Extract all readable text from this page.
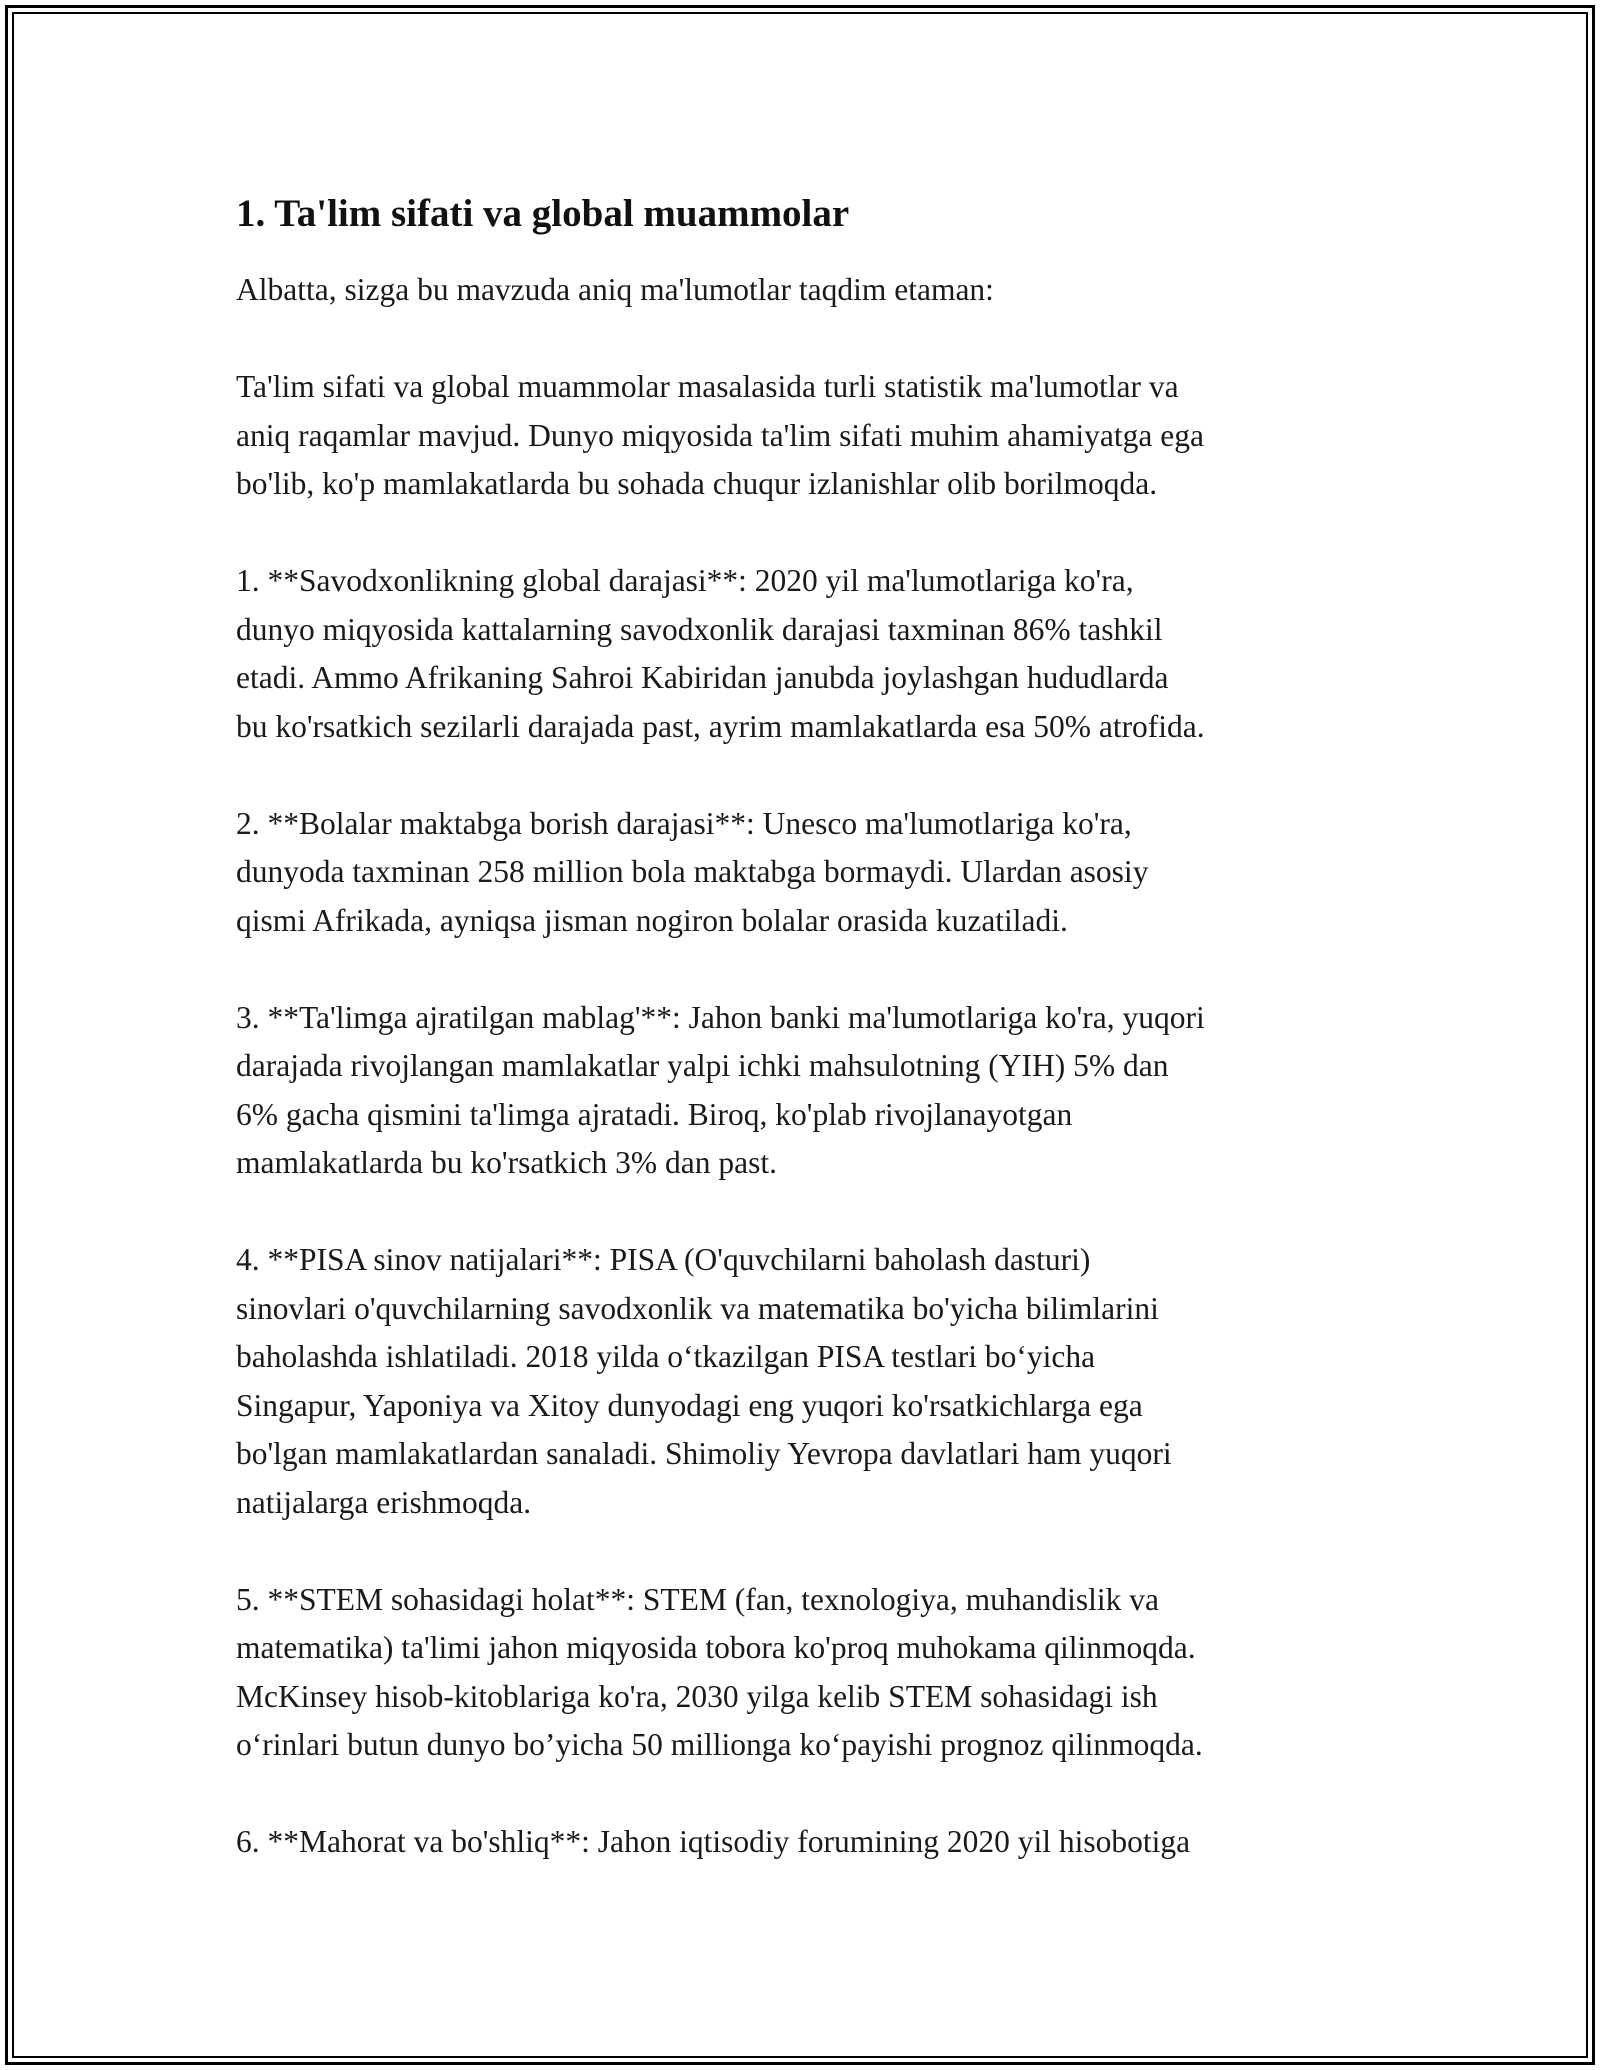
1. Ta'lim sifati va global muammolar
Albatta, sizga bu mavzuda aniq ma'lumotlar taqdim etaman:
Ta'lim sifati va global muammolar masalasida turli statistik ma'lumotlar va
aniq raqamlar mavjud. Dunyo miqyosida ta'lim sifati muhim ahamiyatga ega
bo'lib, ko'p mamlakatlarda bu sohada chuqur izlanishlar olib borilmoqda.
1. **Savodxonlikning global darajasi**: 2020 yil ma'lumotlariga ko'ra,
dunyo miqyosida kattalarning savodxonlik darajasi taxminan 86% tashkil
etadi. Ammo Afrikaning Sahroi Kabiridan janubda joylashgan hududlarda
bu ko'rsatkich sezilarli darajada past, ayrim mamlakatlarda esa 50% atrofida.
2. **Bolalar maktabga borish darajasi**: Unesco ma'lumotlariga ko'ra,
dunyoda taxminan 258 million bola maktabga bormaydi. Ulardan asosiy
qismi Afrikada, ayniqsa jisman nogiron bolalar orasida kuzatiladi.
3. **Ta'limga ajratilgan mablag'**: Jahon banki ma'lumotlariga ko'ra, yuqori
darajada rivojlangan mamlakatlar yalpi ichki mahsulotning (YIH) 5% dan
6% gacha qismini ta'limga ajratadi. Biroq, ko'plab rivojlanayotgan
mamlakatlarda bu ko'rsatkich 3% dan past.
4. **PISA sinov natijalari**: PISA (O'quvchilarni baholash dasturi)
sinovlari o'quvchilarning savodxonlik va matematika bo'yicha bilimlarini
baholashda ishlatiladi. 2018 yilda o‘tkazilgan PISA testlari bo‘yicha
Singapur, Yaponiya va Xitoy dunyodagi eng yuqori ko'rsatkichlarga ega
bo'lgan mamlakatlardan sanaladi. Shimoliy Yevropa davlatlari ham yuqori
natijalarga erishmoqda.
5. **STEM sohasidagi holat**: STEM (fan, texnologiya, muhandislik va
matematika) ta'limi jahon miqyosida tobora ko'proq muhokama qilinmoqda.
McKinsey hisob-kitoblariga ko'ra, 2030 yilga kelib STEM sohasidagi ish
o‘rinlari butun dunyo bo’yicha 50 millionga ko‘payishi prognoz qilinmoqda.
6. **Mahorat va bo'shliq**: Jahon iqtisodiy forumining 2020 yil hisobotiga
